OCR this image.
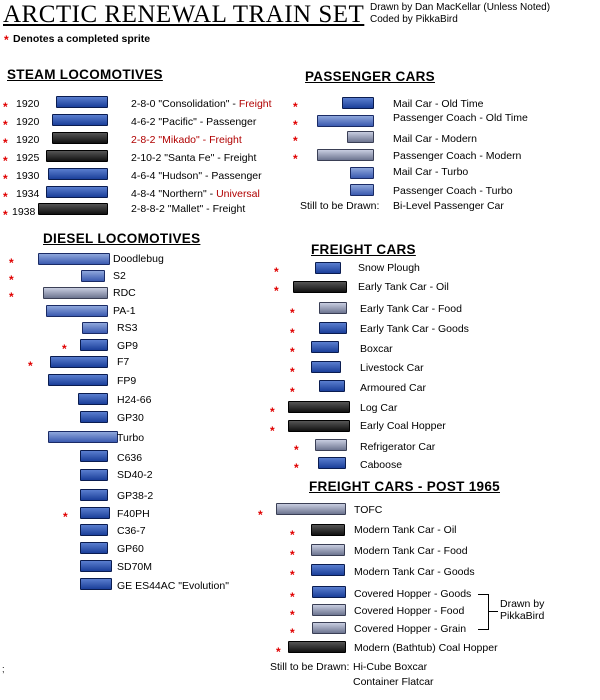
ARCTIC RENEWAL TRAIN SET Drawn by Dan MacKellar (Unless Noted)
Coded by PikkaBird
* Denotes a completed sprite
STEAM LOCOMOTIVES
* 1920	2-8-0 "Consolidation" - Freight
* 1920	4-6-2 "Pacific" - Passenger
* 1920	2-8-2 "Mikado" - Freight
* 1925	2-10-2 "Santa Fe" - Freight
* 1930	4-6-4 "Hudson" - Passenger
* 1934	4-8-4 "Northern" - Universal
* 1938	2-8-8-2 "Mallet" - Freight
PASSENGER CARS
*	Mail Car - Old Time
*	Passenger Coach - Old Time
*	Mail Car - Modern
*	Passenger Coach - Modern
Mail Car - Turbo
Passenger Coach - Turbo
Still to be Drawn: Bi-Level Passenger Car
DIESEL LOCOMOTIVES
*	Doodlebug
*	S2
*	RDC
PA-1
RS3
*	GP9
*	F7
FP9
H24-66
GP30
Turbo
C636
SD40-2
GP38-2
*	F40PH
C36-7
GP60
SD70M
GE ES44AC "Evolution"
FREIGHT CARS
*	Snow Plough
*	Early Tank Car - Oil
*	Early Tank Car - Food
*	Early Tank Car - Goods
*	Boxcar
*	Livestock Car
*	Armoured Car
*	Log Car
*	Early Coal Hopper
*	Refrigerator Car
*	Caboose
FREIGHT CARS - POST 1965
*	TOFC
*	Modern Tank Car - Oil
*	Modern Tank Car - Food
*	Modern Tank Car - Goods
*	Covered Hopper - Goods
*	Covered Hopper - Food
*	Covered Hopper - Grain
Drawn by
PikkaBird
*	Modern (Bathtub) Coal Hopper
Still to be Drawn: Hi-Cube Boxcar
Container Flatcar
;
